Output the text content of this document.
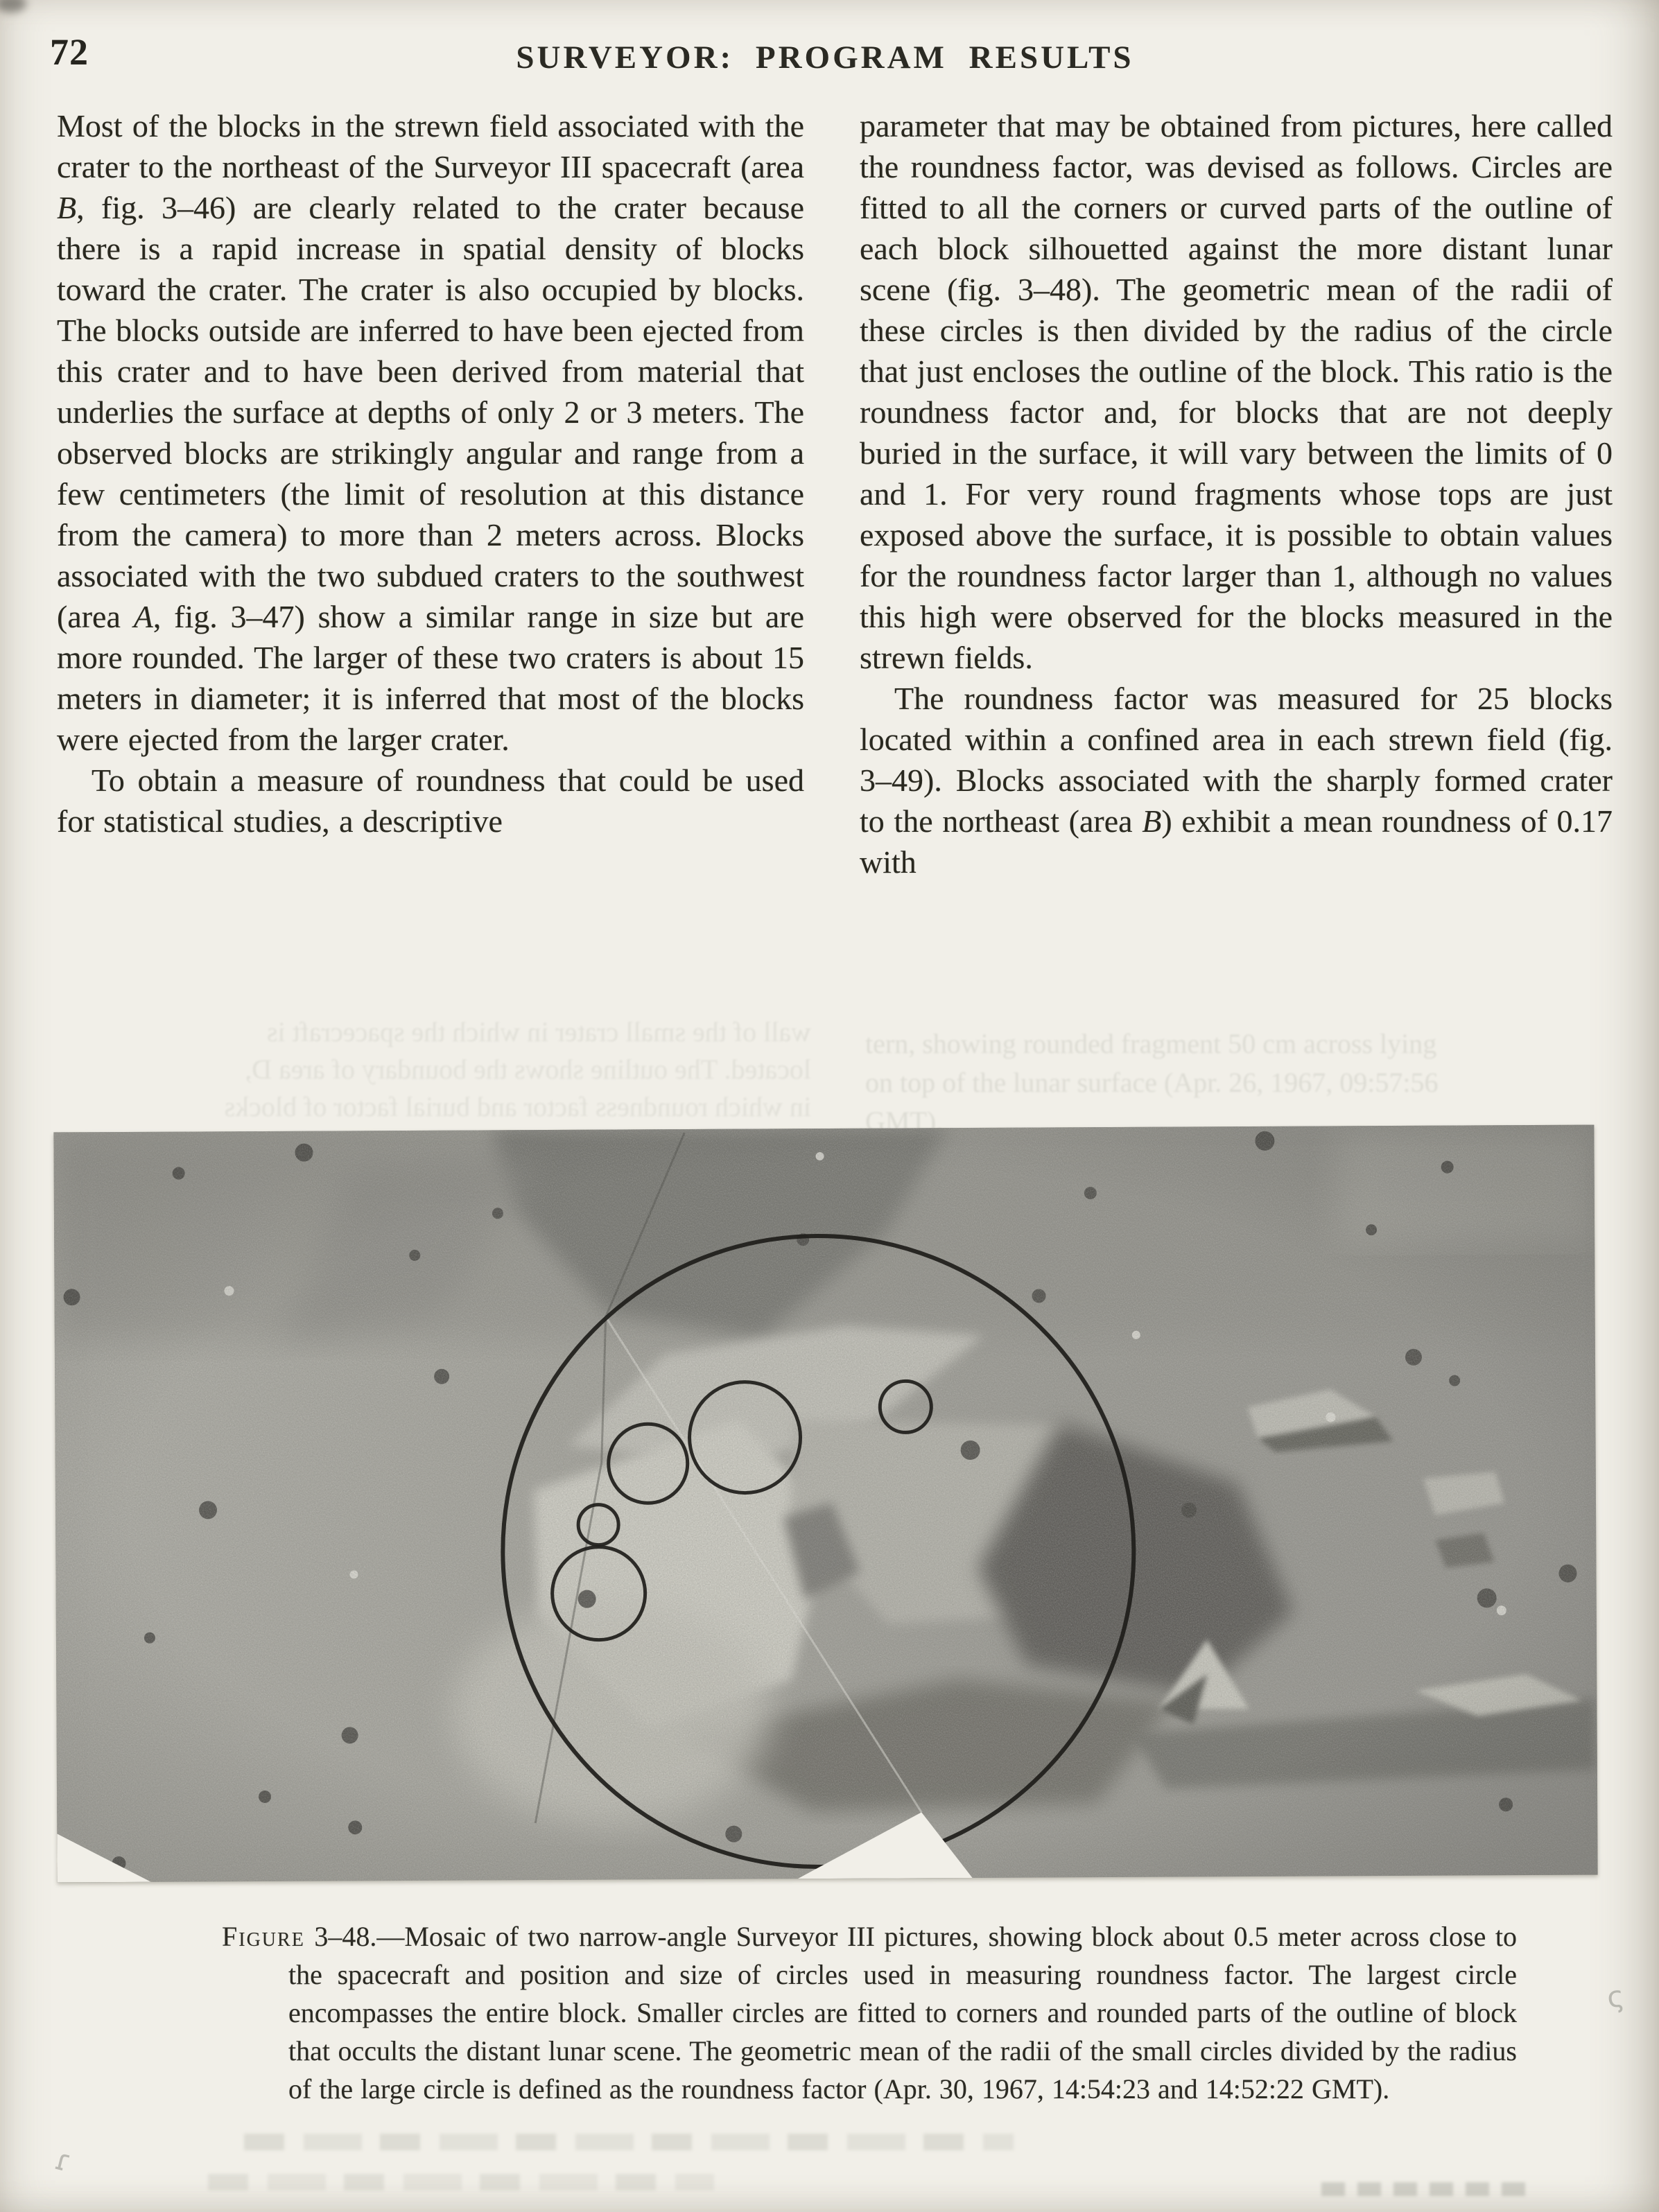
72	SURVEYOR: PROGRAM RESULTS

Most of the blocks in the strewn field associated with the crater to the northeast of the Surveyor III spacecraft (area B, fig. 3–46) are clearly related to the crater because there is a rapid increase in spatial density of blocks toward the crater. The crater is also occupied by blocks. The blocks outside are inferred to have been ejected from this crater and to have been derived from material that underlies the surface at depths of only 2 or 3 meters. The observed blocks are strikingly angular and range from a few centimeters (the limit of resolution at this distance from the camera) to more than 2 meters across. Blocks associated with the two subdued craters to the southwest (area A, fig. 3–47) show a similar range in size but are more rounded. The larger of these two craters is about 15 meters in diameter; it is inferred that most of the blocks were ejected from the larger crater.

To obtain a measure of roundness that could be used for statistical studies, a descriptive

parameter that may be obtained from pictures, here called the roundness factor, was devised as follows. Circles are fitted to all the corners or curved parts of the outline of each block silhouetted against the more distant lunar scene (fig. 3–48). The geometric mean of the radii of these circles is then divided by the radius of the circle that just encloses the outline of the block. This ratio is the roundness factor and, for blocks that are not deeply buried in the surface, it will vary between the limits of 0 and 1. For very round fragments whose tops are just exposed above the surface, it is possible to obtain values for the roundness factor larger than 1, although no values this high were observed for the blocks measured in the strewn fields.

The roundness factor was measured for 25 blocks located within a confined area in each strewn field (fig. 3–49). Blocks associated with the sharply formed crater to the northeast (area B) exhibit a mean roundness of 0.17 with

wall of the small crater in which the spacecraft is
located. The outline shows the boundary of area D,
in which roundness factor and burial factor of blocks
tern, showing rounded fragment 50 cm across lying
on top of the lunar surface (Apr. 26, 1967, 09:57:56
GMT).
Figure 3–48.—Mosaic of two narrow-angle Surveyor III pictures, showing block about 0.5 meter across close to the spacecraft and position and size of circles used in measuring roundness factor. The largest circle encompasses the entire block. Smaller circles are fitted to corners and rounded parts of the outline of block that occults the distant lunar scene. The geometric mean of the radii of the small circles divided by the radius of the large circle is defined as the roundness factor (Apr. 30, 1967, 14:54:23 and 14:52:22 GMT).
ɾ
ς
